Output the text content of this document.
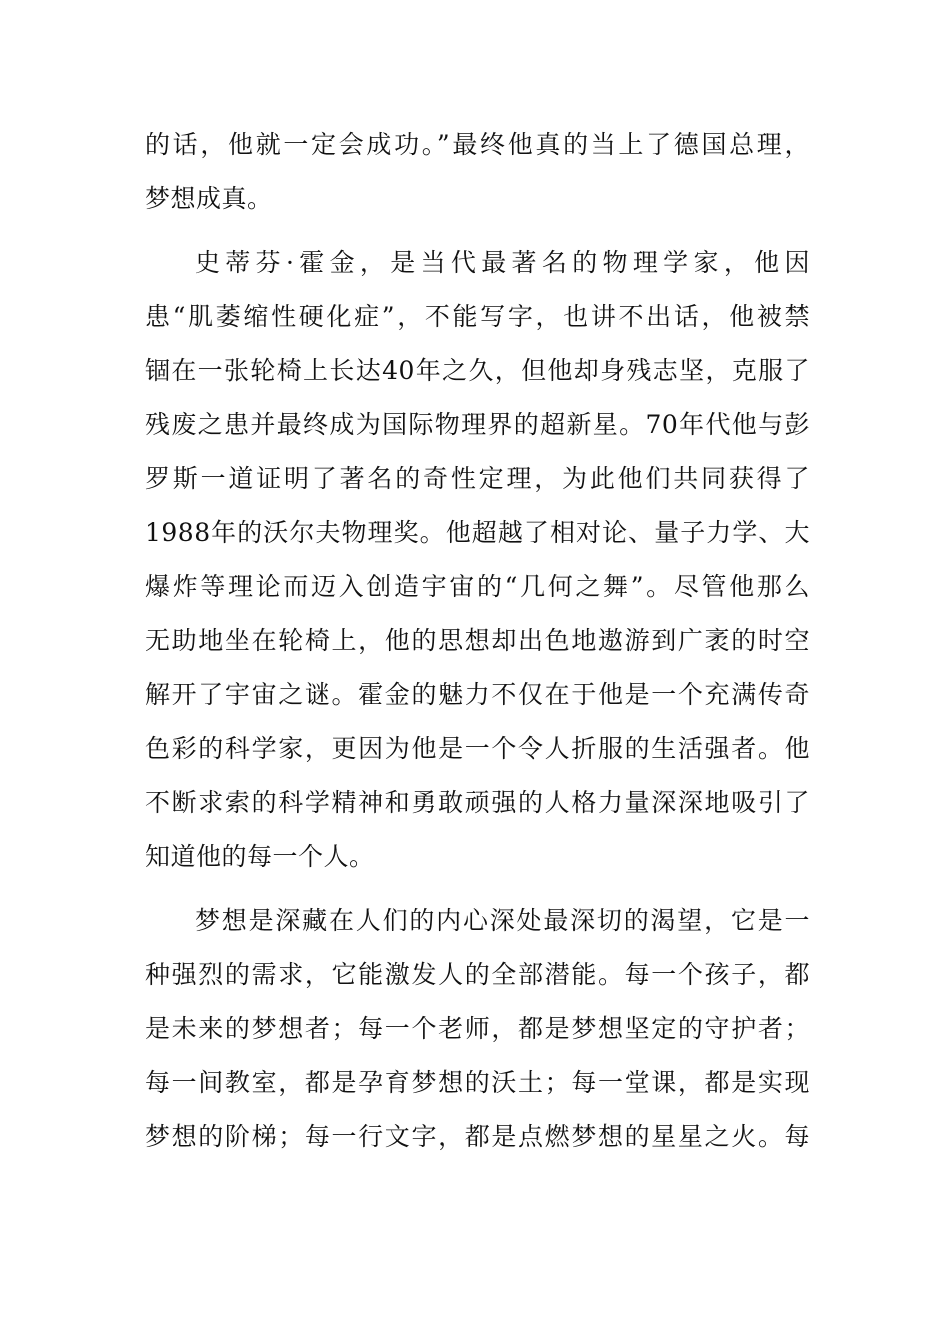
的话，他就一定会成功。”最终他真的当上了德国总理，
梦想成真。
史蒂芬·霍金，是当代最著名的物理学家，他因
患“肌萎缩性硬化症”，不能写字，也讲不出话，他被禁
锢在一张轮椅上长达40年之久，但他却身残志坚，克服了
残废之患并最终成为国际物理界的超新星。70年代他与彭
罗斯一道证明了著名的奇性定理，为此他们共同获得了
1988年的沃尔夫物理奖。他超越了相对论、量子力学、大
爆炸等理论而迈入创造宇宙的“几何之舞”。尽管他那么
无助地坐在轮椅上，他的思想却出色地遨游到广袤的时空
解开了宇宙之谜。霍金的魅力不仅在于他是一个充满传奇
色彩的科学家，更因为他是一个令人折服的生活强者。他
不断求索的科学精神和勇敢顽强的人格力量深深地吸引了
知道他的每一个人。
梦想是深藏在人们的内心深处最深切的渴望，它是一
种强烈的需求，它能激发人的全部潜能。每一个孩子，都
是未来的梦想者；每一个老师，都是梦想坚定的守护者；
每一间教室，都是孕育梦想的沃土；每一堂课，都是实现
梦想的阶梯；每一行文字，都是点燃梦想的星星之火。每
